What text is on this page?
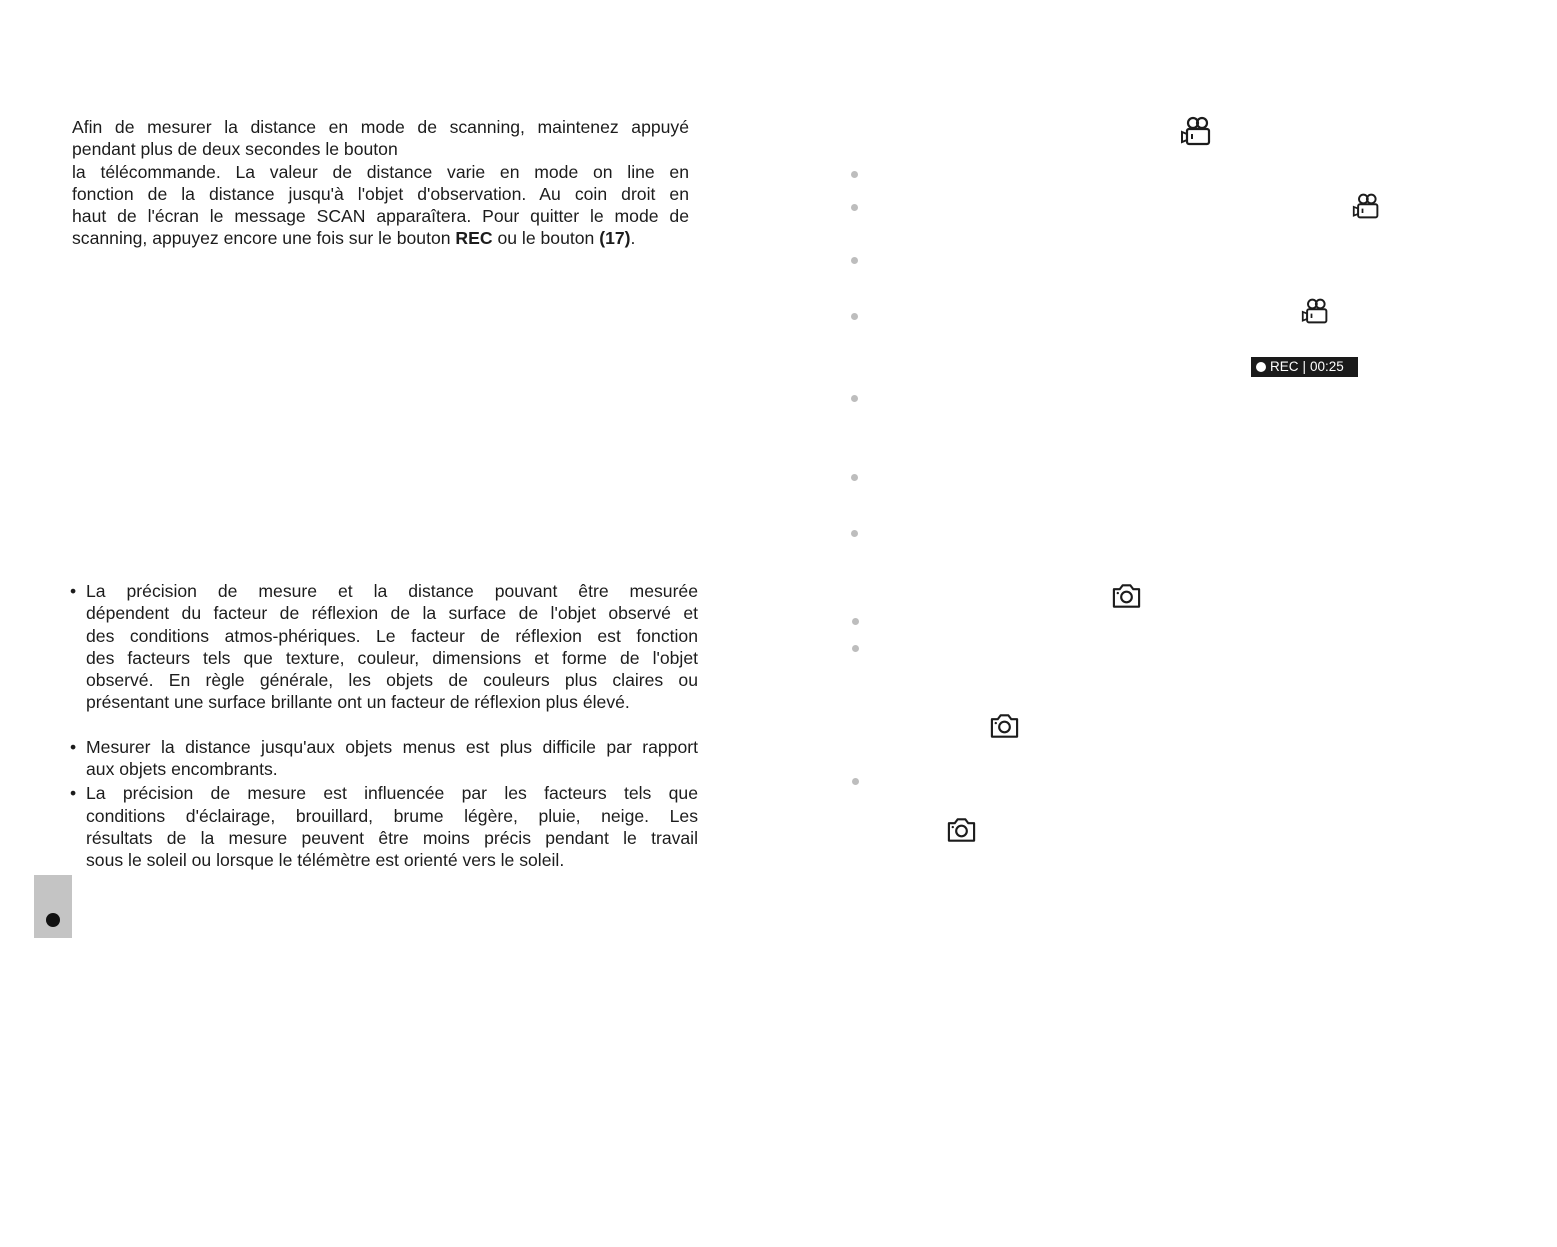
Afin de mesurer la distance en mode de scanning, maintenez appuyé
pendant plus de deux secondes le bouton
la télécommande. La valeur de distance varie en mode on line en
fonction de la distance jusqu'à l'objet d'observation. Au coin droit en
haut de l'écran le message SCAN apparaîtera. Pour quitter le mode de
scanning, appuyez encore une fois sur le bouton REC ou le bouton (17).
• La précision de mesure et la distance pouvant être mesurée
dépendent du facteur de réflexion de la surface de l'objet observé et
des conditions atmos-phériques. Le facteur de réflexion est fonction
des facteurs tels que texture, couleur, dimensions et forme de l'objet
observé. En règle générale, les objets de couleurs plus claires ou
présentant une surface brillante ont un facteur de réflexion plus élevé.
• Mesurer la distance jusqu'aux objets menus est plus difficile par rapport
aux objets encombrants.
• La précision de mesure est influencée par les facteurs tels que
conditions d'éclairage, brouillard, brume légère, pluie, neige. Les
résultats de la mesure peuvent être moins précis pendant le travail
sous le soleil ou lorsque le télémètre est orienté vers le soleil.
REC | 00:25
